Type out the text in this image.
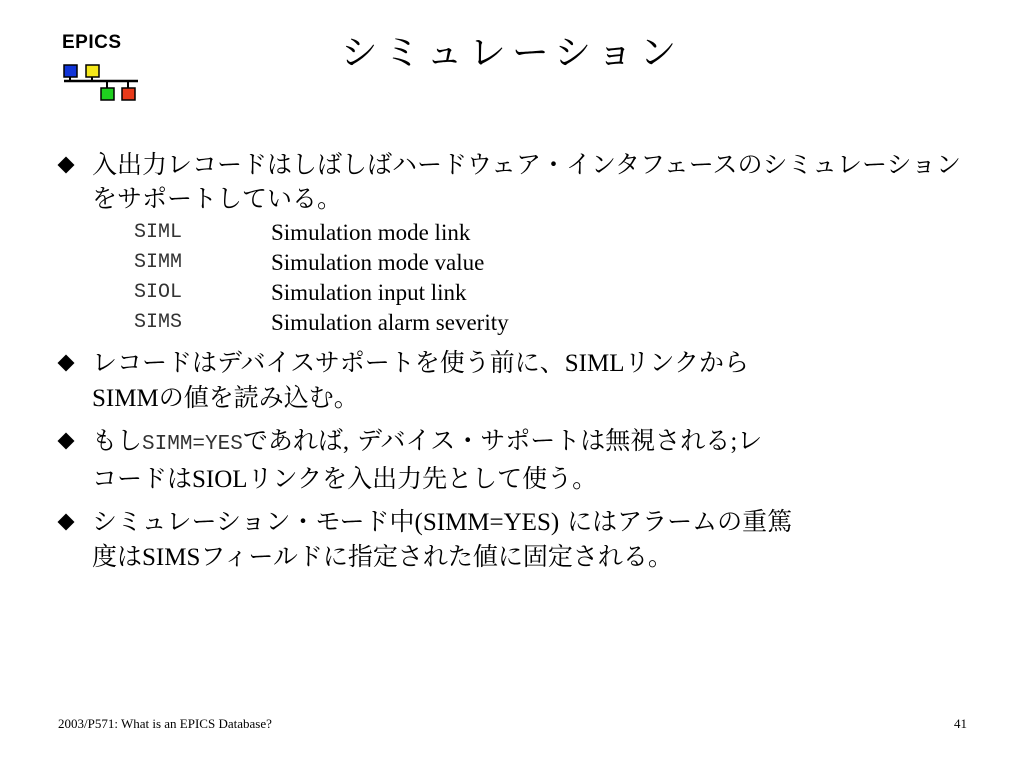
EPICS	シミュレーション
入出力レコードはしばしばハードウェア・インタフェースのシミュレーションをサポートしている。
SIML	Simulation mode link
SIMM	Simulation mode value
SIOL	Simulation input link
SIMS	Simulation alarm severity
レコードはデバイスサポートを使う前に、SIMLリンクから
SIMMの値を読み込む。
もしSIMM=YESであれば, デバイス・サポートは無視される;レ
コードはSIOLリンクを入出力先として使う。
シミュレーション・モード中(SIMM=YES) にはアラームの重篤
度はSIMSフィールドに指定された値に固定される。
2003/P571: What is an EPICS Database?	41
